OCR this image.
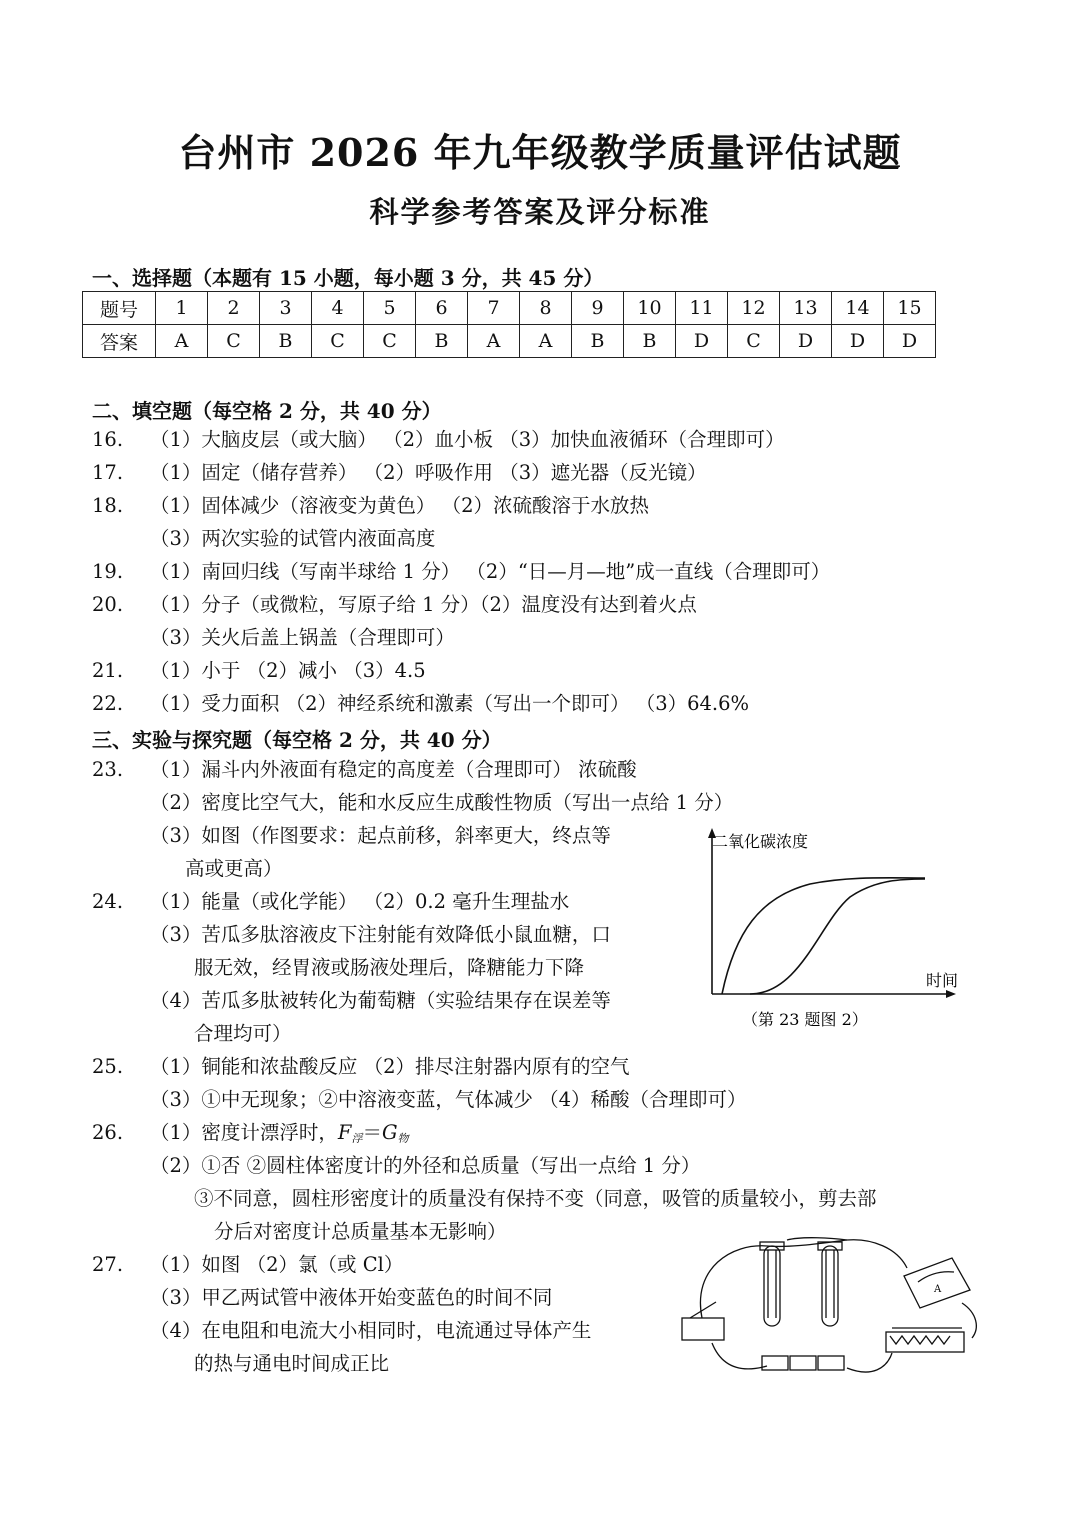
台州市 2026 年九年级教学质量评估试题
科学参考答案及评分标准
一、选择题（本题有 15 小题，每小题 3 分，共 45 分）
题号	1	2	3	4	5	6	7	8	9	10	11	12	13	14	15
答案	A	C	B	C	C	B	A	A	B	B	D	C	D	D	D
二、填空题（每空格 2 分，共 40 分）
16. （1）大脑皮层（或大脑） （2）血小板 （3）加快血液循环（合理即可）
17. （1）固定（储存营养） （2）呼吸作用 （3）遮光器（反光镜）
18. （1）固体减少（溶液变为黄色） （2）浓硫酸溶于水放热
（3）两次实验的试管内液面高度
19. （1）南回归线（写南半球给 1 分） （2）“日—月—地”成一直线（合理即可）
20. （1）分子（或微粒，写原子给 1 分）（2）温度没有达到着火点
（3）关火后盖上锅盖（合理即可）
21. （1）小于 （2）减小 （3）4.5
22. （1）受力面积 （2）神经系统和激素（写出一个即可） （3）64.6%
三、实验与探究题（每空格 2 分，共 40 分）
23. （1）漏斗内外液面有稳定的高度差（合理即可） 浓硫酸
（2）密度比空气大，能和水反应生成酸性物质（写出一点给 1 分）
（3）如图（作图要求：起点前移，斜率更大，终点等
高或更高）
24. （1）能量（或化学能） （2）0.2 毫升生理盐水
（3）苦瓜多肽溶液皮下注射能有效降低小鼠血糖，口
服无效，经胃液或肠液处理后，降糖能力下降
（4）苦瓜多肽被转化为葡萄糖（实验结果存在误差等
合理均可）
25. （1）铜能和浓盐酸反应 （2）排尽注射器内原有的空气
（3）①中无现象；②中溶液变蓝，气体减少 （4）稀酸（合理即可）
26. （1）密度计漂浮时，$F_浮=G_物$
（2）①否 ②圆柱体密度计的外径和总质量（写出一点给 1 分）
③不同意，圆柱形密度计的质量没有保持不变（同意，吸管的质量较小，剪去部
分后对密度计总质量基本无影响）
27. （1）如图 （2）氯（或 Cl）
（3）甲乙两试管中液体开始变蓝色的时间不同
（4）在电阻和电流大小相同时，电流通过导体产生
的热与通电时间成正比
二氧化碳浓度
时间
（第 23 题图 2）
A
